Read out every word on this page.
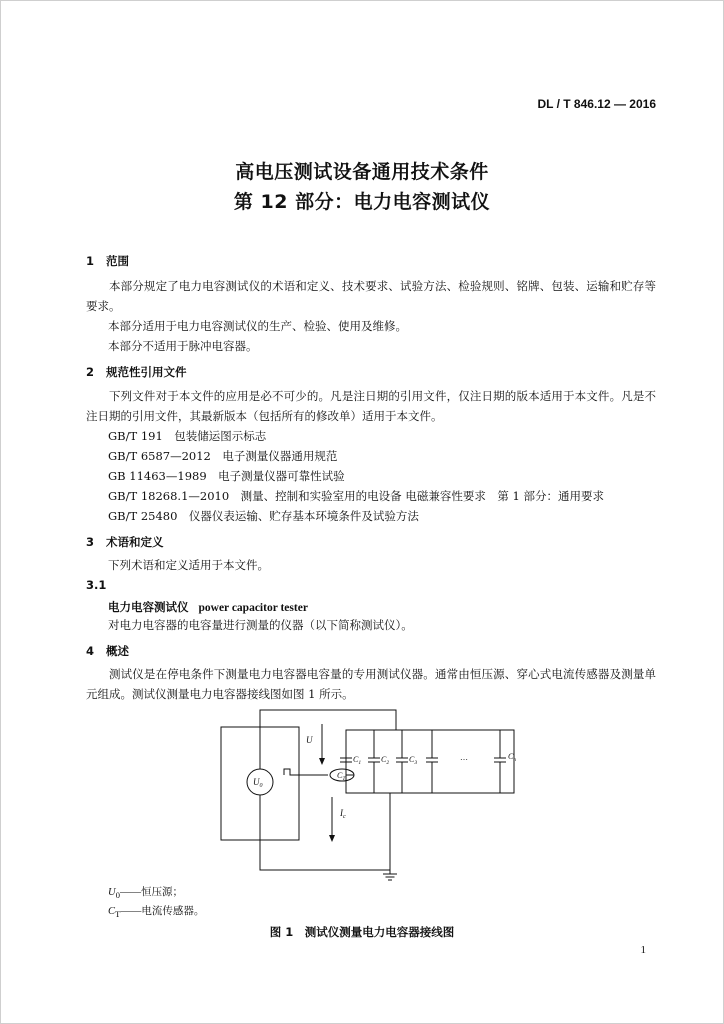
DL / T 846.12 — 2016
高电压测试设备通用技术条件
第 12 部分：电力电容测试仪
1 范围
本部分规定了电力电容测试仪的术语和定义、技术要求、试验方法、检验规则、铭牌、包装、运输和贮存等要求。
本部分适用于电力电容测试仪的生产、检验、使用及维修。
本部分不适用于脉冲电容器。
2 规范性引用文件
下列文件对于本文件的应用是必不可少的。凡是注日期的引用文件，仅注日期的版本适用于本文件。凡是不注日期的引用文件，其最新版本（包括所有的修改单）适用于本文件。
GB/T 191　包装储运图示标志
GB/T 6587—2012　电子测量仪器通用规范
GB 11463—1989　电子测量仪器可靠性试验
GB/T 18268.1—2010　测量、控制和实验室用的电设备 电磁兼容性要求　第 1 部分：通用要求
GB/T 25480　仪器仪表运输、贮存基本环境条件及试验方法
3 术语和定义
下列术语和定义适用于本文件。
3.1
电力电容测试仪 power capacitor tester
对电力电容器的电容量进行测量的仪器（以下简称测试仪）。
4 概述
测试仪是在停电条件下测量电力电容器电容量的专用测试仪器。通常由恒压源、穿心式电流传感器及测量单元组成。测试仪测量电力电容器接线图如图 1 所示。
U
$U_0$
$C_T$
$I_c$
$C_1$ $C_2$ $C_3$
…	$C_n$
$U_0——$恒压源；
$C_T——$电流传感器。
图 1　测试仪测量电力电容器接线图
1
